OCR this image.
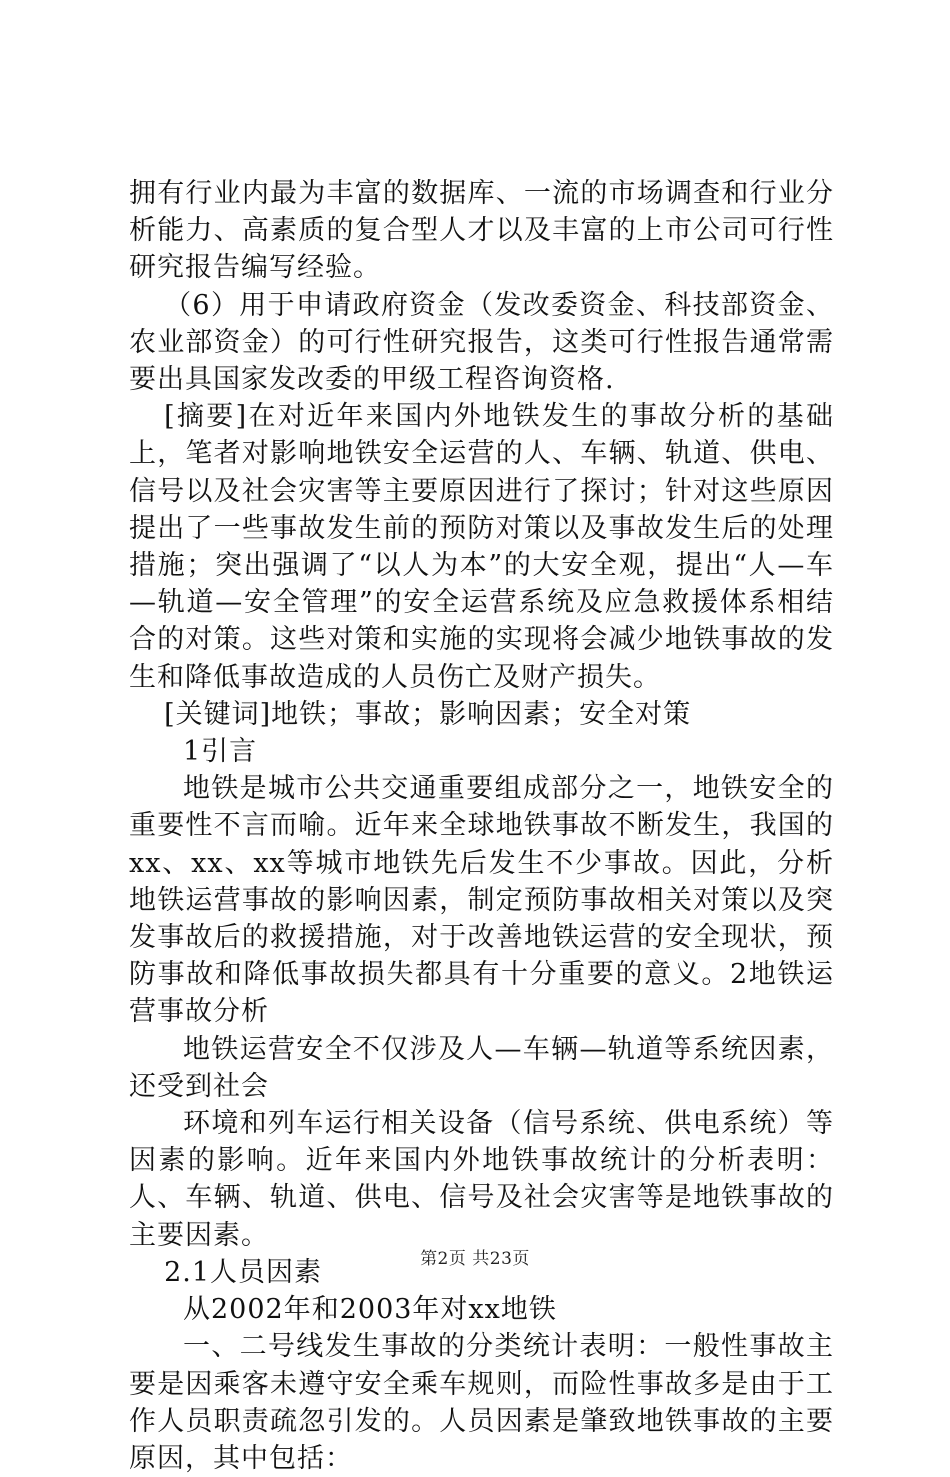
拥有行业内最为丰富的数据库、一流的市场调查和行业分析能力、高素质的复合型人才以及丰富的上市公司可行性研究报告编写经验。

（6）用于申请政府资金（发改委资金、科技部资金、农业部资金）的可行性研究报告，这类可行性报告通常需要出具国家发改委的甲级工程咨询资格.

[摘要]在对近年来国内外地铁发生的事故分析的基础上，笔者对影响地铁安全运营的人、车辆、轨道、供电、信号以及社会灾害等主要原因进行了探讨；针对这些原因提出了一些事故发生前的预防对策以及事故发生后的处理措施；突出强调了“以人为本”的大安全观，提出“人—车—轨道—安全管理”的安全运营系统及应急救援体系相结合的对策。这些对策和实施的实现将会减少地铁事故的发生和降低事故造成的人员伤亡及财产损失。

[关键词]地铁；事故；影响因素；安全对策

1引言

地铁是城市公共交通重要组成部分之一，地铁安全的重要性不言而喻。近年来全球地铁事故不断发生，我国的xx、xx、xx等城市地铁先后发生不少事故。因此，分析地铁运营事故的影响因素，制定预防事故相关对策以及突发事故后的救援措施，对于改善地铁运营的安全现状，预防事故和降低事故损失都具有十分重要的意义。2地铁运营事故分析

地铁运营安全不仅涉及人—车辆—轨道等系统因素，还受到社会

环境和列车运行相关设备（信号系统、供电系统）等因素的影响。近年来国内外地铁事故统计的分析表明：人、车辆、轨道、供电、信号及社会灾害等是地铁事故的主要因素。

2.1人员因素

从2002年和2003年对xx地铁

一、二号线发生事故的分类统计表明：一般性事故主要是因乘客未遵守安全乘车规则，而险性事故多是由于工作人员职责疏忽引发的。人员因素是肇致地铁事故的主要原因，其中包括：

第2页 共23页
